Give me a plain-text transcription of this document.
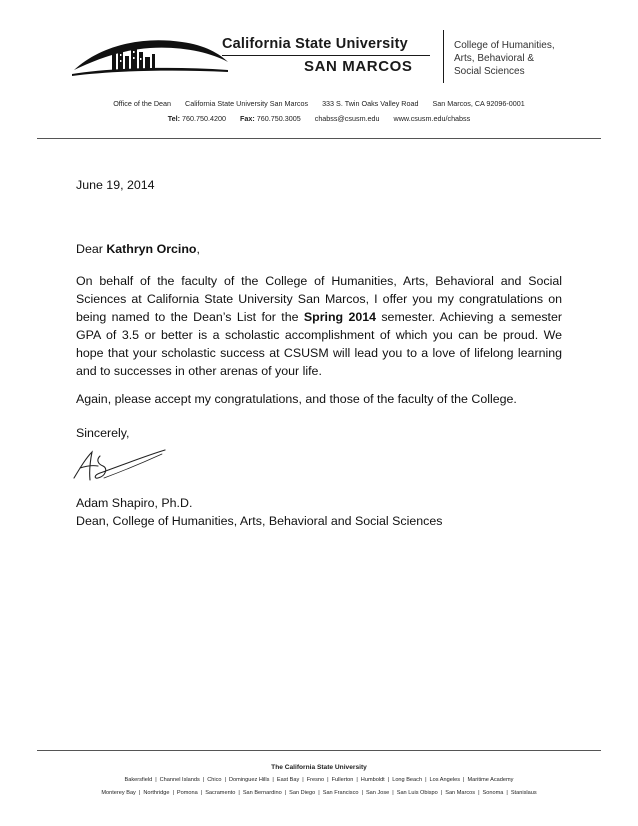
California State University
SAN MARCOS
College of Humanities,
Arts, Behavioral &
Social Sciences
Office of the Dean California State University San Marcos 333 S. Twin Oaks Valley Road San Marcos, CA 92096-0001
Tel: 760.750.4200 Fax: 760.750.3005 chabss@csusm.edu www.csusm.edu/chabss
June 19, 2014
Dear Kathryn Orcino,
On behalf of the faculty of the College of Humanities, Arts, Behavioral and Social Sciences at California State University San Marcos, I offer you my congratulations on being named to the Dean’s List for the Spring 2014 semester. Achieving a semester GPA of 3.5 or better is a scholastic accomplishment of which you can be proud. We hope that your scholastic success at CSUSM will lead you to a love of lifelong learning and to successes in other arenas of your life.
Again, please accept my congratulations, and those of the faculty of the College.
Sincerely,
Adam Shapiro, Ph.D.
Dean, College of Humanities, Arts, Behavioral and Social Sciences
The California State University
Bakersfield | Channel Islands | Chico | Dominguez Hills | East Bay | Fresno | Fullerton | Humboldt | Long Beach | Los Angeles | Maritime Academy
Monterey Bay | Northridge | Pomona | Sacramento | San Bernardino | San Diego | San Francisco | San Jose | San Luis Obispo | San Marcos | Sonoma | Stanislaus
